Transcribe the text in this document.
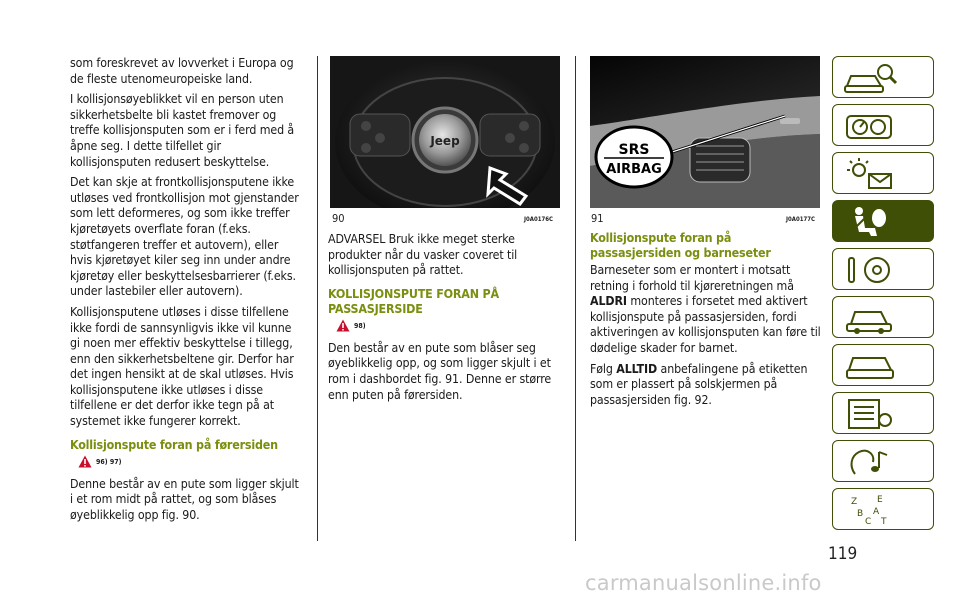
som foreskrevet av lovverket i Europa og de fleste utenomeuropeiske land.

I kollisjonsøyeblikket vil en person uten sikkerhetsbelte bli kastet fremover og treffe kollisjonsputen som er i ferd med å åpne seg. I dette tilfellet gir kollisjonsputen redusert beskyttelse.

Det kan skje at frontkollisjonsputene ikke utløses ved frontkollisjon mot gjenstander som lett deformeres, og som ikke treffer kjøretøyets overflate foran (f.eks. støtfangeren treffer et autovern), eller hvis kjøretøyet kiler seg inn under andre kjøretøy eller beskyttelsesbarrierer (f.eks. under lastebiler eller autovern).

Kollisjonsputene utløses i disse tilfellene ikke fordi de sannsynligvis ikke vil kunne gi noen mer effektiv beskyttelse i tillegg, enn den sikkerhetsbeltene gir. Derfor har det ingen hensikt at de skal utløses. Hvis kollisjonsputene ikke utløses i disse tilfellene er det derfor ikke tegn på at systemet ikke fungerer korrekt.

Kollisjonspute foran på førersiden
96) 97)

Denne består av en pute som ligger skjult i et rom midt på rattet, og som blåses øyeblikkelig opp fig. 90.

Jeep
90	J0A0176C

ADVARSEL Bruk ikke meget sterke produkter når du vasker coveret til kollisjonsputen på rattet.

KOLLISJONSPUTE FORAN PÅ PASSASJERSIDE
98)

Den består av en pute som blåser seg øyeblikkelig opp, og som ligger skjult i et rom i dashbordet fig. 91. Denne er større enn puten på førersiden.

SRS
AIRBAG
91	J0A0177C
Kollisjonspute foran på passasjersiden og barneseter

Barneseter som er montert i motsatt retning i forhold til kjøreretningen må ALDRI monteres i forsetet med aktivert kollisjonspute på passasjersiden, fordi aktiveringen av kollisjonsputen kan føre til dødelige skader for barnet.

Følg ALLTID anbefalingene på etiketten som er plassert på solskjermen på passasjersiden fig. 92.

Z E
B A
C T
119
carmanualsonline.info
